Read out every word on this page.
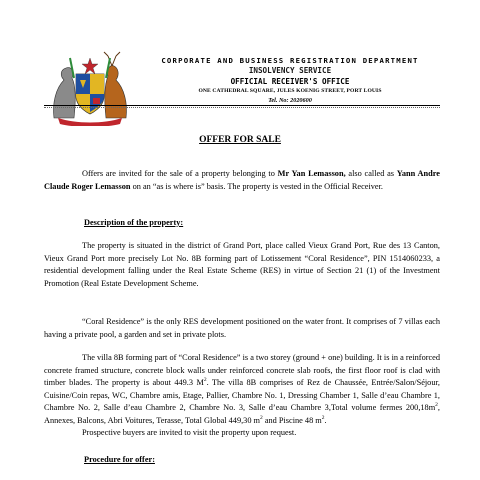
CORPORATE AND BUSINESS REGISTRATION DEPARTMENT
INSOLVENCY SERVICE
OFFICIAL RECEIVER'S OFFICE
ONE CATHEDRAL SQUARE, JULES KOENIG STREET, PORT LOUIS
Tel. No: 2020600
OFFER FOR SALE

Offers are invited for the sale of a property belonging to Mr Yan Lemasson, also called as Yann Andre Claude Roger Lemasson on an “as is where is” basis. The property is vested in the Official Receiver.

Description of the property:

The property is situated in the district of Grand Port, place called Vieux Grand Port, Rue des 13 Canton, Vieux Grand Port more precisely Lot No. 8B forming part of Lotissement “Coral Residence”, PIN 1514060233, a residential development falling under the Real Estate Scheme (RES) in virtue of Section 21 (1) of the Investment Promotion (Real Estate Development Scheme.

“Coral Residence” is the only RES development positioned on the water front. It comprises of 7 villas each having a private pool, a garden and set in private plots.

The villa 8B forming part of “Coral Residence” is a two storey (ground + one) building. It is in a reinforced concrete framed structure, concrete block walls under reinforced concrete slab roofs, the first floor roof is clad with timber blades. The property is about 449.3 $M^2$. The villa 8B comprises of Rez de Chaussée, Entrée/Salon/Séjour, Cuisine/Coin repas, WC, Chambre amis, Etage, Pallier, Chambre No. 1, Dressing Chamber 1, Salle d’eau Chambre 1, Chambre No. 2, Salle d’eau Chambre 2, Chambre No. 3, Salle d’eau Chambre 3,Total volume fermes $200,18m^2$, Annexes, Balcons, Abri Voitures, Terasse, Total Global 449,30 $m^2$ and Piscine 48 $m^2$.

Prospective buyers are invited to visit the property upon request.

Procedure for offer:
